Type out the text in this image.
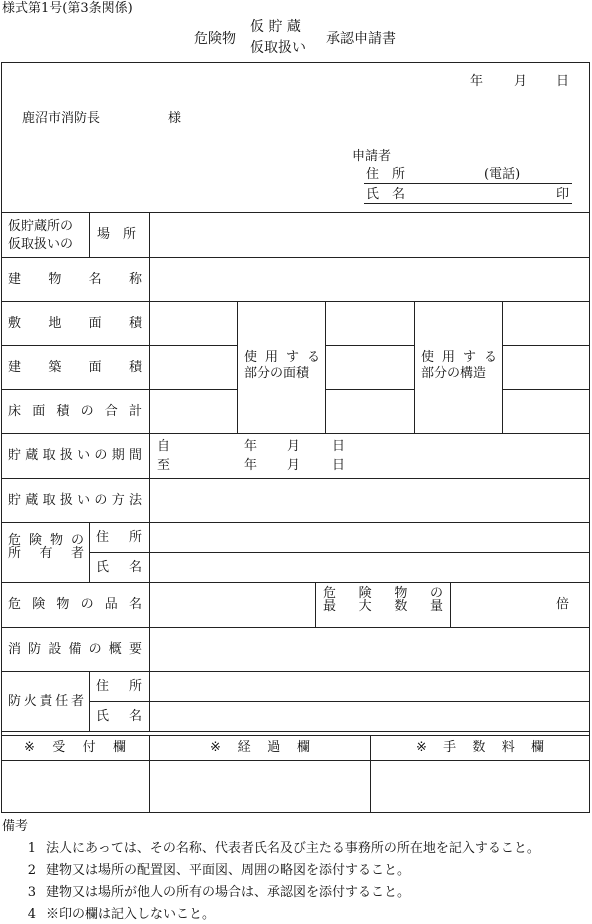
様式第1号(第3条関係)
危険物
仮 貯 蔵
仮取扱い
承認申請書
年 月 日
鹿沼市消防長	様
申請者
住　所	(電話)
氏　名	印
仮貯蔵所の
仮取扱いの
場　所
建 物 名 称
敷 地 面 積
建 築 面 積
床 面 積 の 合 計
使 用 す る
部分の面積
使 用 す る
部分の構造
貯 蔵 取 扱 い の 期 間
自	年 月 日
至	年 月 日
貯 蔵 取 扱 い の 方 法
危 険 物 の
所 有 者
住 所
氏 名
危 険 物 の 品 名
危 険 物 の
最 大 数 量	倍
消 防 設 備 の 概 要
防 火 責 任 者
住 所
氏 名
※ 受 付 欄	※ 経 過 欄	※ 手 数 料 欄
備考
1 法人にあっては、その名称、代表者氏名及び主たる事務所の所在地を記入すること。
2 建物又は場所の配置図、平面図、周囲の略図を添付すること。
3 建物又は場所が他人の所有の場合は、承認図を添付すること。
4 ※印の欄は記入しないこと。
